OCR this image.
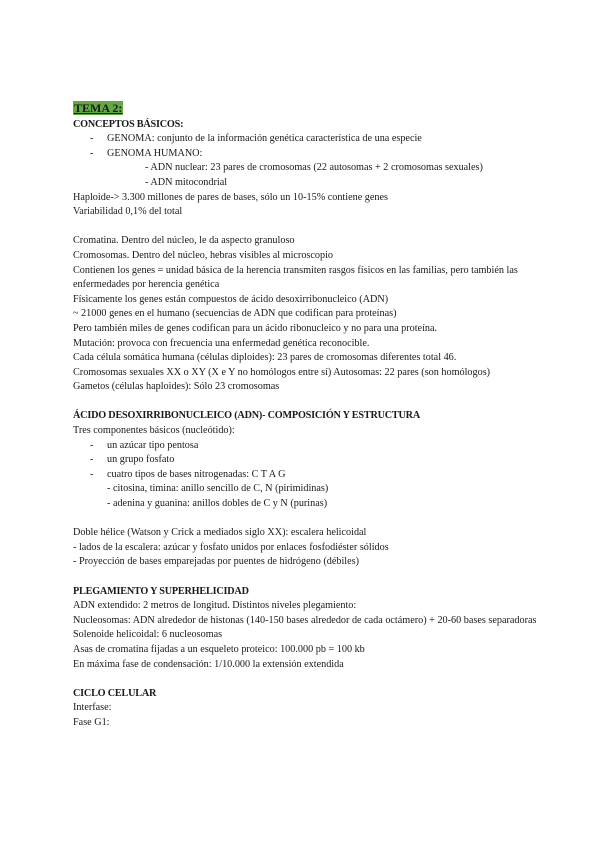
TEMA 2:
CONCEPTOS BÁSICOS:
- GENOMA: conjunto de la información genética característica de una especie
- GENOMA HUMANO:
- ADN nuclear: 23 pares de cromosomas (22 autosomas + 2 cromosomas sexuales)
- ADN mitocondrial
Haploide-> 3.300 millones de pares de bases, sólo un 10-15% contiene genes
Variabilidad 0,1% del total
Cromatina. Dentro del núcleo, le da aspecto granuloso
Cromosomas. Dentro del núcleo, hebras visibles al microscopio
Contienen los genes = unidad básica de la herencia transmiten rasgos físicos en las familias, pero también las enfermedades por herencia genética
Físicamente los genes están compuestos de ácido desoxirribonucleico (ADN)
~ 21000 genes en el humano (secuencias de ADN que codifican para proteínas)
Pero también miles de genes codifican para un ácido ribonucleico y no para una proteína.
Mutación: provoca con frecuencia una enfermedad genética reconocible.
Cada célula somática humana (células diploides): 23 pares de cromosomas diferentes total 46.
Cromosomas sexuales XX o XY (X e Y no homólogos entre sí) Autosomas: 22 pares (son homólogos)
Gametos (células haploides): Sólo 23 cromosomas
ÁCIDO DESOXIRRIBONUCLEICO (ADN)- COMPOSICIÓN Y ESTRUCTURA
Tres componentes básicos (nucleótido):
- un azúcar tipo pentosa
- un grupo fosfato
- cuatro tipos de bases nitrogenadas: C T A G
- citosina, timina: anillo sencillo de C, N (pirimidinas)
- adenina y guanina: anillos dobles de C y N (purinas)
Doble hélice (Watson y Crick a mediados siglo XX): escalera helicoidal
- lados de la escalera: azúcar y fosfato unidos por enlaces fosfodiéster sólidos
- Proyección de bases emparejadas por puentes de hidrógeno (débiles)
PLEGAMIENTO Y SUPERHELICIDAD
ADN extendido: 2 metros de longitud. Distintos niveles plegamiento:
Nucleosomas: ADN alrededor de histonas (140-150 bases alrededor de cada octámero) + 20-60 bases separadoras
Solenoide helicoidal: 6 nucleosomas
Asas de cromatina fijadas a un esqueleto proteico: 100.000 pb = 100 kb
En máxima fase de condensación: 1/10.000 la extensión extendida
CICLO CELULAR
Interfase:
Fase G1:
